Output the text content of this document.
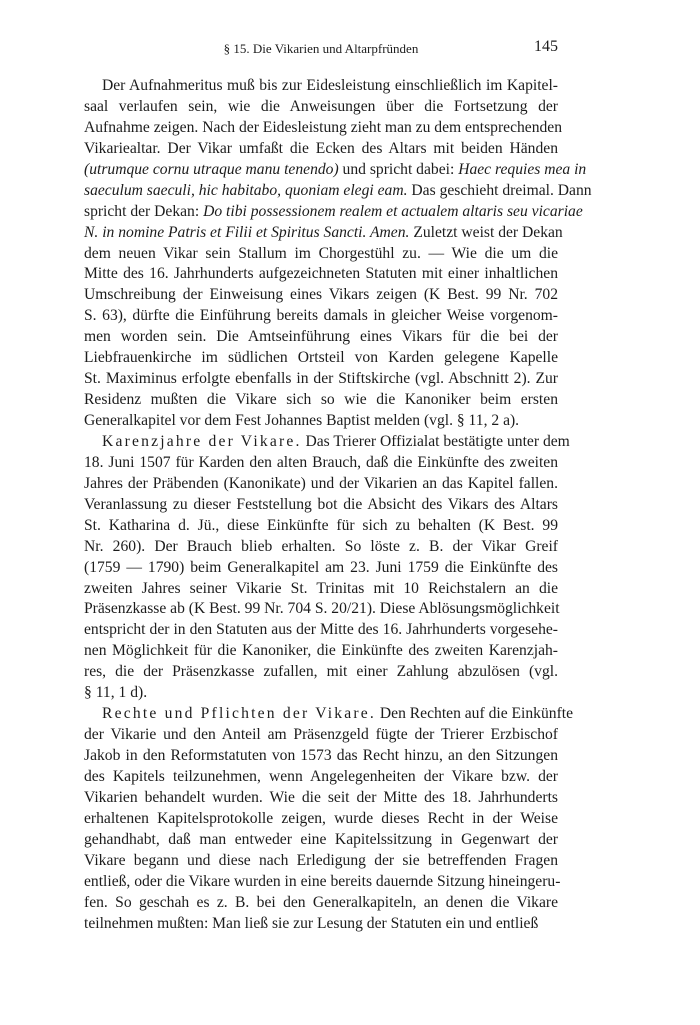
§ 15. Die Vikarien und Altarpfründen	145
Der Aufnahmeritus muß bis zur Eidesleistung einschließlich im Kapitel-
saal verlaufen sein, wie die Anweisungen über die Fortsetzung der
Aufnahme zeigen. Nach der Eidesleistung zieht man zu dem entsprechenden
Vikariealtar. Der Vikar umfaßt die Ecken des Altars mit beiden Händen
(utrumque cornu utraque manu tenendo) und spricht dabei: Haec requies mea in
saeculum saeculi, hic habitabo, quoniam elegi eam. Das geschieht dreimal. Dann
spricht der Dekan: Do tibi possessionem realem et actualem altaris seu vicariae
N. in nomine Patris et Filii et Spiritus Sancti. Amen. Zuletzt weist der Dekan
dem neuen Vikar sein Stallum im Chorgestühl zu. — Wie die um die
Mitte des 16. Jahrhunderts aufgezeichneten Statuten mit einer inhaltlichen
Umschreibung der Einweisung eines Vikars zeigen (K Best. 99 Nr. 702
S. 63), dürfte die Einführung bereits damals in gleicher Weise vorgenom-
men worden sein. Die Amtseinführung eines Vikars für die bei der
Liebfrauenkirche im südlichen Ortsteil von Karden gelegene Kapelle
St. Maximinus erfolgte ebenfalls in der Stiftskirche (vgl. Abschnitt 2). Zur
Residenz mußten die Vikare sich so wie die Kanoniker beim ersten
Generalkapitel vor dem Fest Johannes Baptist melden (vgl. § 11, 2 a).
Karenzjahre der Vikare. Das Trierer Offizialat bestätigte unter dem
18. Juni 1507 für Karden den alten Brauch, daß die Einkünfte des zweiten
Jahres der Präbenden (Kanonikate) und der Vikarien an das Kapitel fallen.
Veranlassung zu dieser Feststellung bot die Absicht des Vikars des Altars
St. Katharina d. Jü., diese Einkünfte für sich zu behalten (K Best. 99
Nr. 260). Der Brauch blieb erhalten. So löste z. B. der Vikar Greif
(1759 — 1790) beim Generalkapitel am 23. Juni 1759 die Einkünfte des
zweiten Jahres seiner Vikarie St. Trinitas mit 10 Reichstalern an die
Präsenzkasse ab (K Best. 99 Nr. 704 S. 20/21). Diese Ablösungsmöglichkeit
entspricht der in den Statuten aus der Mitte des 16. Jahrhunderts vorgesehe-
nen Möglichkeit für die Kanoniker, die Einkünfte des zweiten Karenzjah-
res, die der Präsenzkasse zufallen, mit einer Zahlung abzulösen (vgl.
§ 11, 1 d).
Rechte und Pflichten der Vikare. Den Rechten auf die Einkünfte
der Vikarie und den Anteil am Präsenzgeld fügte der Trierer Erzbischof
Jakob in den Reformstatuten von 1573 das Recht hinzu, an den Sitzungen
des Kapitels teilzunehmen, wenn Angelegenheiten der Vikare bzw. der
Vikarien behandelt wurden. Wie die seit der Mitte des 18. Jahrhunderts
erhaltenen Kapitelsprotokolle zeigen, wurde dieses Recht in der Weise
gehandhabt, daß man entweder eine Kapitelssitzung in Gegenwart der
Vikare begann und diese nach Erledigung der sie betreffenden Fragen
entließ, oder die Vikare wurden in eine bereits dauernde Sitzung hineingeru-
fen. So geschah es z. B. bei den Generalkapiteln, an denen die Vikare
teilnehmen mußten: Man ließ sie zur Lesung der Statuten ein und entließ
